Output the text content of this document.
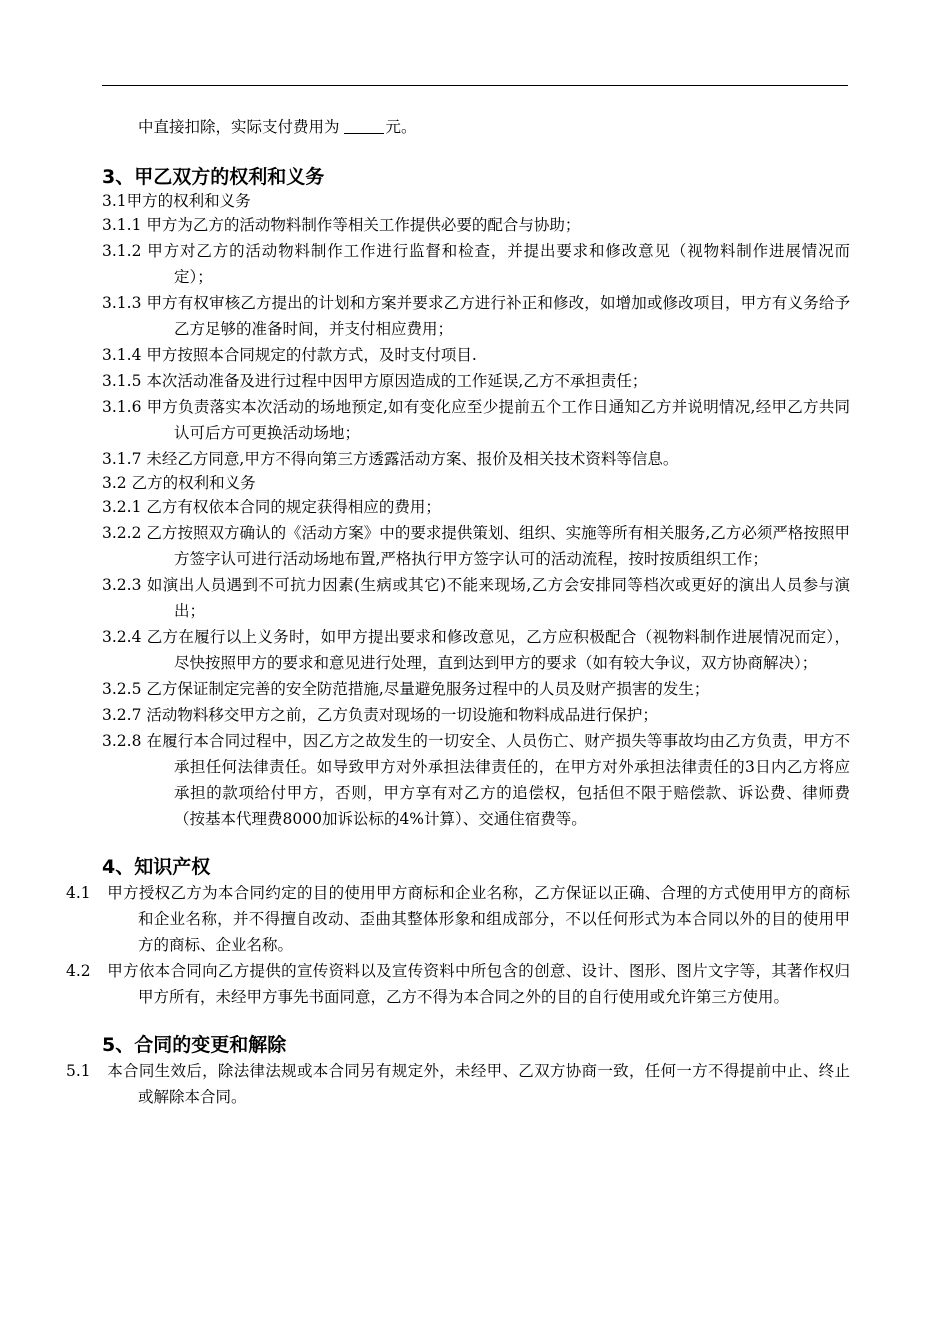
中直接扣除，实际支付费用为	元。

3、甲乙双方的权利和义务

3.1甲方的权利和义务

3.1.1 甲方为乙方的活动物料制作等相关工作提供必要的配合与协助；

3.1.2 甲方对乙方的活动物料制作工作进行监督和检查，并提出要求和修改意见（视物料制作进展情况而定）；

3.1.3 甲方有权审核乙方提出的计划和方案并要求乙方进行补正和修改，如增加或修改项目，甲方有义务给予乙方足够的准备时间，并支付相应费用；

3.1.4 甲方按照本合同规定的付款方式，及时支付项目.

3.1.5 本次活动准备及进行过程中因甲方原因造成的工作延误,乙方不承担责任；

3.1.6 甲方负责落实本次活动的场地预定,如有变化应至少提前五个工作日通知乙方并说明情况,经甲乙方共同认可后方可更换活动场地；

3.1.7 未经乙方同意,甲方不得向第三方透露活动方案、报价及相关技术资料等信息。

3.2 乙方的权利和义务

3.2.1 乙方有权依本合同的规定获得相应的费用；

3.2.2 乙方按照双方确认的《活动方案》中的要求提供策划、组织、实施等所有相关服务,乙方必须严格按照甲方签字认可进行活动场地布置,严格执行甲方签字认可的活动流程，按时按质组织工作；

3.2.3 如演出人员遇到不可抗力因素(生病或其它)不能来现场,乙方会安排同等档次或更好的演出人员参与演出；

3.2.4 乙方在履行以上义务时，如甲方提出要求和修改意见，乙方应积极配合（视物料制作进展情况而定），尽快按照甲方的要求和意见进行处理，直到达到甲方的要求（如有较大争议，双方协商解决）；

3.2.5 乙方保证制定完善的安全防范措施,尽量避免服务过程中的人员及财产损害的发生；

3.2.7 活动物料移交甲方之前，乙方负责对现场的一切设施和物料成品进行保护；

3.2.8 在履行本合同过程中，因乙方之故发生的一切安全、人员伤亡、财产损失等事故均由乙方负责，甲方不承担任何法律责任。如导致甲方对外承担法律责任的，在甲方对外承担法律责任的3日内乙方将应承担的款项给付甲方，否则，甲方享有对乙方的追偿权，包括但不限于赔偿款、诉讼费、律师费（按基本代理费8000加诉讼标的4%计算）、交通住宿费等。

4、知识产权

4.1 甲方授权乙方为本合同约定的目的使用甲方商标和企业名称，乙方保证以正确、合理的方式使用甲方的商标和企业名称，并不得擅自改动、歪曲其整体形象和组成部分，不以任何形式为本合同以外的目的使用甲方的商标、企业名称。

4.2 甲方依本合同向乙方提供的宣传资料以及宣传资料中所包含的创意、设计、图形、图片文字等，其著作权归甲方所有，未经甲方事先书面同意，乙方不得为本合同之外的目的自行使用或允许第三方使用。

5、合同的变更和解除

5.1 本合同生效后，除法律法规或本合同另有规定外，未经甲、乙双方协商一致，任何一方不得提前中止、终止或解除本合同。
